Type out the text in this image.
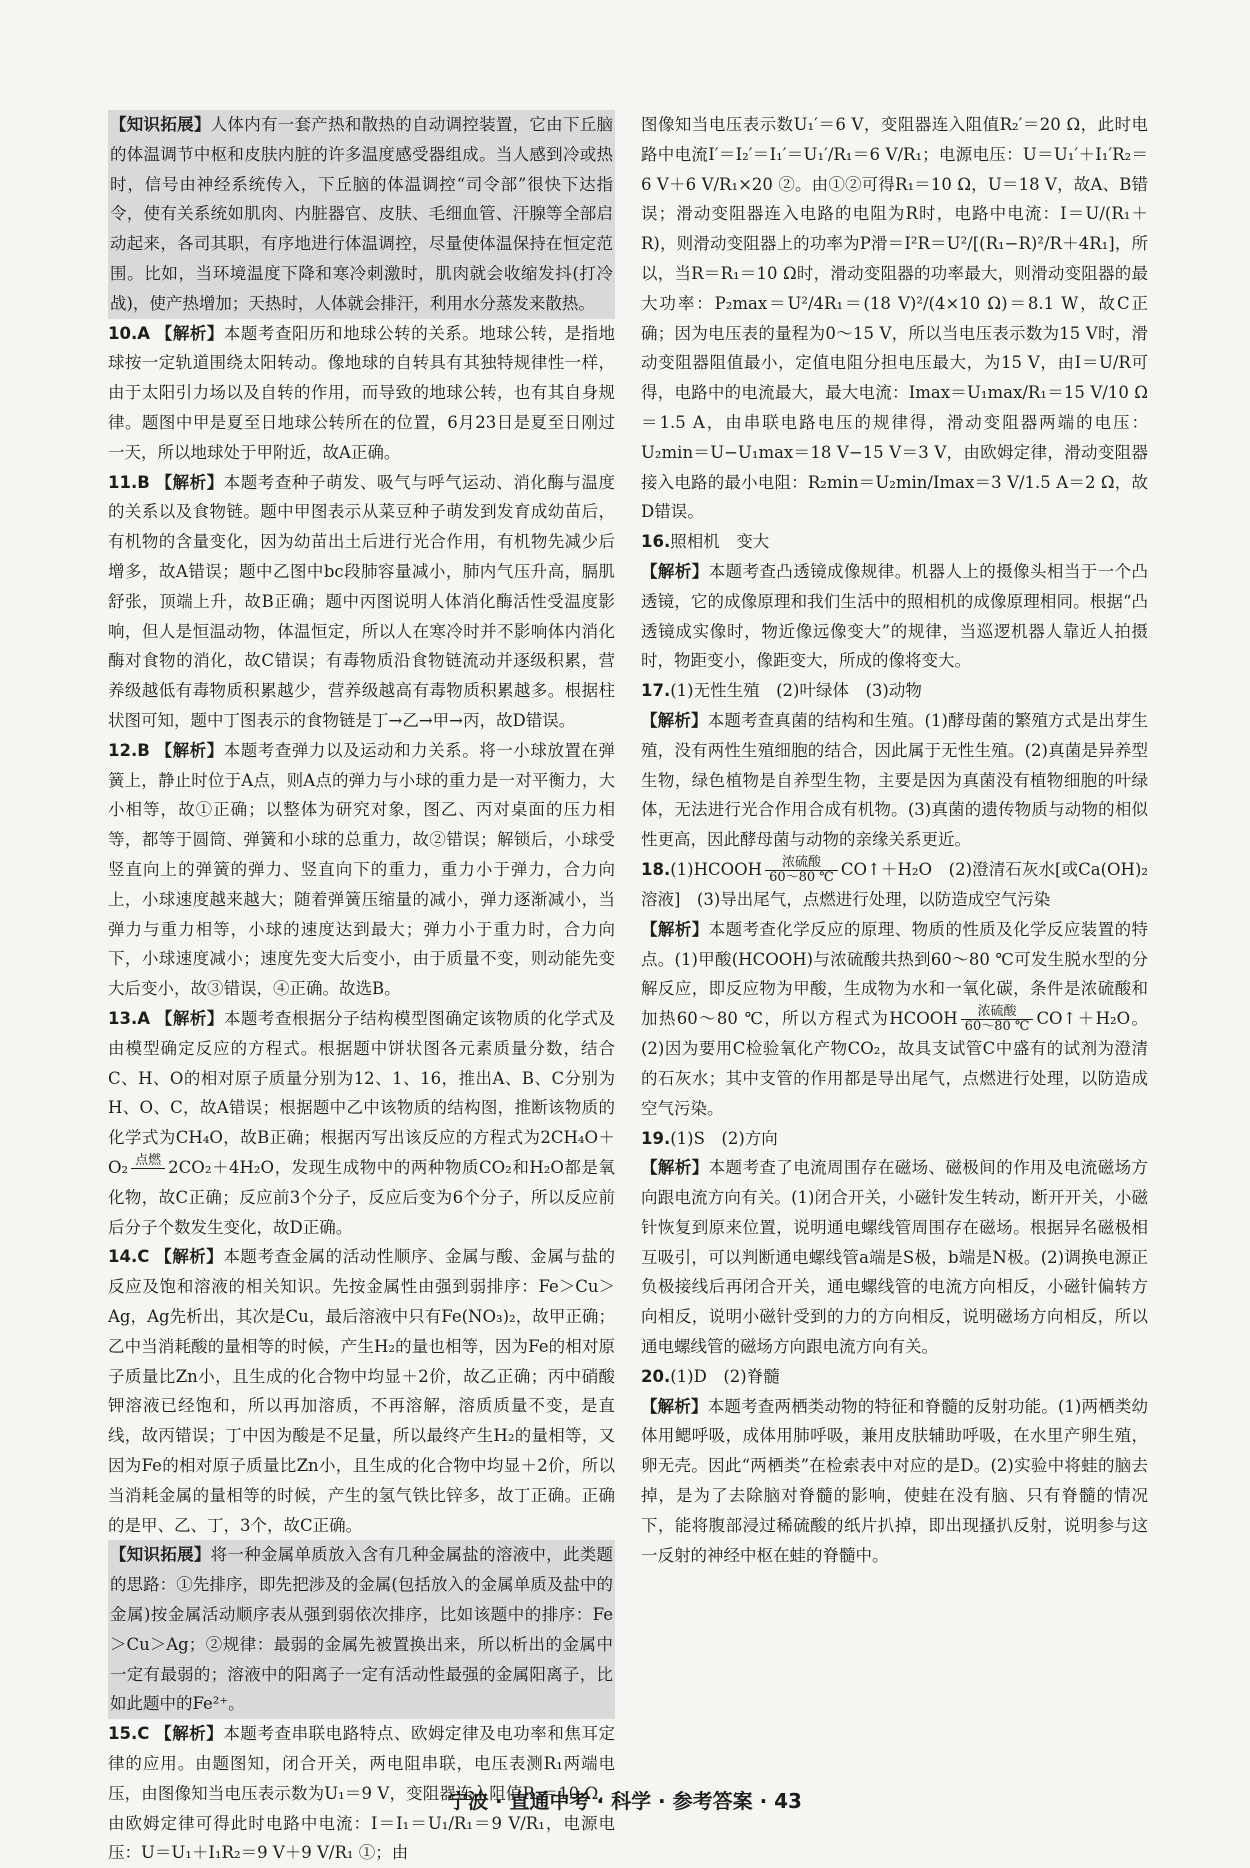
【知识拓展】人体内有一套产热和散热的自动调控装置，它由下丘脑的体温调节中枢和皮肤内脏的许多温度感受器组成。当人感到冷或热时，信号由神经系统传入，下丘脑的体温调控“司令部”很快下达指令，使有关系统如肌肉、内脏器官、皮肤、毛细血管、汗腺等全部启动起来，各司其职，有序地进行体温调控，尽量使体温保持在恒定范围。比如，当环境温度下降和寒冷刺激时，肌肉就会收缩发抖(打冷战)，使产热增加；天热时，人体就会排汗，利用水分蒸发来散热。

10.A 【解析】本题考查阳历和地球公转的关系。地球公转，是指地球按一定轨道围绕太阳转动。像地球的自转具有其独特规律性一样，由于太阳引力场以及自转的作用，而导致的地球公转，也有其自身规律。题图中甲是夏至日地球公转所在的位置，6月23日是夏至日刚过一天，所以地球处于甲附近，故A正确。

11.B 【解析】本题考查种子萌发、吸气与呼气运动、消化酶与温度的关系以及食物链。题中甲图表示从菜豆种子萌发到发育成幼苗后，有机物的含量变化，因为幼苗出土后进行光合作用，有机物先减少后增多，故A错误；题中乙图中bc段肺容量减小，肺内气压升高，膈肌舒张，顶端上升，故B正确；题中丙图说明人体消化酶活性受温度影响，但人是恒温动物，体温恒定，所以人在寒冷时并不影响体内消化酶对食物的消化，故C错误；有毒物质沿食物链流动并逐级积累，营养级越低有毒物质积累越少，营养级越高有毒物质积累越多。根据柱状图可知，题中丁图表示的食物链是丁→乙→甲→丙，故D错误。

12.B 【解析】本题考查弹力以及运动和力关系。将一小球放置在弹簧上，静止时位于A点，则A点的弹力与小球的重力是一对平衡力，大小相等，故①正确；以整体为研究对象，图乙、丙对桌面的压力相等，都等于圆筒、弹簧和小球的总重力，故②错误；解锁后，小球受竖直向上的弹簧的弹力、竖直向下的重力，重力小于弹力，合力向上，小球速度越来越大；随着弹簧压缩量的减小，弹力逐渐减小，当弹力与重力相等，小球的速度达到最大；弹力小于重力时，合力向下，小球速度减小；速度先变大后变小，由于质量不变，则动能先变大后变小，故③错误，④正确。故选B。

13.A 【解析】本题考查根据分子结构模型图确定该物质的化学式及由模型确定反应的方程式。根据题中饼状图各元素质量分数，结合C、H、O的相对原子质量分别为12、1、16，推出A、B、C分别为H、O、C，故A错误；根据题中乙中该物质的结构图，推断该物质的化学式为CH₄O，故B正确；根据丙写出该反应的方程式为2CH₄O＋O₂ 点燃
2CO₂＋4H₂O，发现生成物中的两种物质CO₂和H₂O都是氧化物，故C正确；反应前3个分子，反应后变为6个分子，所以反应前后分子个数发生变化，故D正确。

14.C 【解析】本题考查金属的活动性顺序、金属与酸、金属与盐的反应及饱和溶液的相关知识。先按金属性由强到弱排序：Fe＞Cu＞Ag，Ag先析出，其次是Cu，最后溶液中只有Fe(NO₃)₂，故甲正确；乙中当消耗酸的量相等的时候，产生H₂的量也相等，因为Fe的相对原子质量比Zn小，且生成的化合物中均显＋2价，故乙正确；丙中硝酸钾溶液已经饱和，所以再加溶质，不再溶解，溶质质量不变，是直线，故丙错误；丁中因为酸是不足量，所以最终产生H₂的量相等，又因为Fe的相对原子质量比Zn小，且生成的化合物中均显＋2价，所以当消耗金属的量相等的时候，产生的氢气铁比锌多，故丁正确。正确的是甲、乙、丁，3个，故C正确。

【知识拓展】将一种金属单质放入含有几种金属盐的溶液中，此类题的思路：①先排序，即先把涉及的金属(包括放入的金属单质及盐中的金属)按金属活动顺序表从强到弱依次排序，比如该题中的排序：Fe＞Cu＞Ag；②规律：最弱的金属先被置换出来，所以析出的金属中一定有最弱的；溶液中的阳离子一定有活动性最强的金属阳离子，比如此题中的Fe²⁺。

15.C 【解析】本题考查串联电路特点、欧姆定律及电功率和焦耳定律的应用。由题图知，闭合开关，两电阻串联，电压表测R₁两端电压，由图像知当电压表示数为U₁＝9 V，变阻器连入阻值R₂＝10 Ω，由欧姆定律可得此时电路中电流：I＝I₁＝U₁/R₁＝9 V/R₁，电源电压：U＝U₁＋I₁R₂＝9 V＋9 V/R₁ ①；由

图像知当电压表示数U₁′＝6 V，变阻器连入阻值R₂′＝20 Ω，此时电路中电流I′＝I₂′＝I₁′＝U₁′/R₁＝6 V/R₁；电源电压：U＝U₁′＋I₁′R₂＝6 V＋6 V/R₁×20 ②。由①②可得R₁＝10 Ω，U＝18 V，故A、B错误；滑动变阻器连入电路的电阻为R时，电路中电流：I＝U/(R₁＋R)，则滑动变阻器上的功率为P滑＝I²R＝U²/[(R₁−R)²/R＋4R₁]，所以，当R＝R₁＝10 Ω时，滑动变阻器的功率最大，则滑动变阻器的最大功率：P₂max＝U²/4R₁＝(18 V)²/(4×10 Ω)＝8.1 W，故C正确；因为电压表的量程为0～15 V，所以当电压表示数为15 V时，滑动变阻器阻值最小，定值电阻分担电压最大，为15 V，由I＝U/R可得，电路中的电流最大，最大电流：Imax＝U₁max/R₁＝15 V/10 Ω＝1.5 A，由串联电路电压的规律得，滑动变阻器两端的电压：U₂min＝U−U₁max＝18 V−15 V＝3 V，由欧姆定律，滑动变阻器接入电路的最小电阻：R₂min＝U₂min/Imax＝3 V/1.5 A＝2 Ω，故D错误。

16.照相机　变大

【解析】本题考查凸透镜成像规律。机器人上的摄像头相当于一个凸透镜，它的成像原理和我们生活中的照相机的成像原理相同。根据“凸透镜成实像时，物近像远像变大”的规律，当巡逻机器人靠近人拍摄时，物距变小，像距变大，所成的像将变大。

17.(1)无性生殖　(2)叶绿体　(3)动物

【解析】本题考查真菌的结构和生殖。(1)酵母菌的繁殖方式是出芽生殖，没有两性生殖细胞的结合，因此属于无性生殖。(2)真菌是异养型生物，绿色植物是自养型生物，主要是因为真菌没有植物细胞的叶绿体，无法进行光合作用合成有机物。(3)真菌的遗传物质与动物的相似性更高，因此酵母菌与动物的亲缘关系更近。

18.(1)HCOOH	浓硫酸
60～80 ℃ CO↑＋H₂O　(2)澄清石灰水[或Ca(OH)₂溶液]　(3)导出尾气，点燃进行处理，以防造成空气污染

【解析】本题考查化学反应的原理、物质的性质及化学反应装置的特点。(1)甲酸(HCOOH)与浓硫酸共热到60～80 ℃可发生脱水型的分解反应，即反应物为甲酸，生成物为水和一氧化碳，条件是浓硫酸和加热60～80 ℃，所以方程式为HCOOH	浓硫酸
60～80 ℃ CO↑＋H₂O。(2)因为要用C检验氧化产物CO₂，故具支试管C中盛有的试剂为澄清的石灰水；其中支管的作用都是导出尾气，点燃进行处理，以防造成空气污染。

19.(1)S　(2)方向

【解析】本题考查了电流周围存在磁场、磁极间的作用及电流磁场方向跟电流方向有关。(1)闭合开关，小磁针发生转动，断开开关，小磁针恢复到原来位置，说明通电螺线管周围存在磁场。根据异名磁极相互吸引，可以判断通电螺线管a端是S极，b端是N极。(2)调换电源正负极接线后再闭合开关，通电螺线管的电流方向相反，小磁针偏转方向相反，说明小磁针受到的力的方向相反，说明磁场方向相反，所以通电螺线管的磁场方向跟电流方向有关。

20.(1)D　(2)脊髓

【解析】本题考查两栖类动物的特征和脊髓的反射功能。(1)两栖类幼体用鳃呼吸，成体用肺呼吸，兼用皮肤辅助呼吸，在水里产卵生殖，卵无壳。因此“两栖类”在检索表中对应的是D。(2)实验中将蛙的脑去掉，是为了去除脑对脊髓的影响，使蛙在没有脑、只有脊髓的情况下，能将腹部浸过稀硫酸的纸片扒掉，即出现搔扒反射，说明参与这一反射的神经中枢在蛙的脊髓中。

宁波 · 直通中考 · 科学 · 参考答案 · 43
